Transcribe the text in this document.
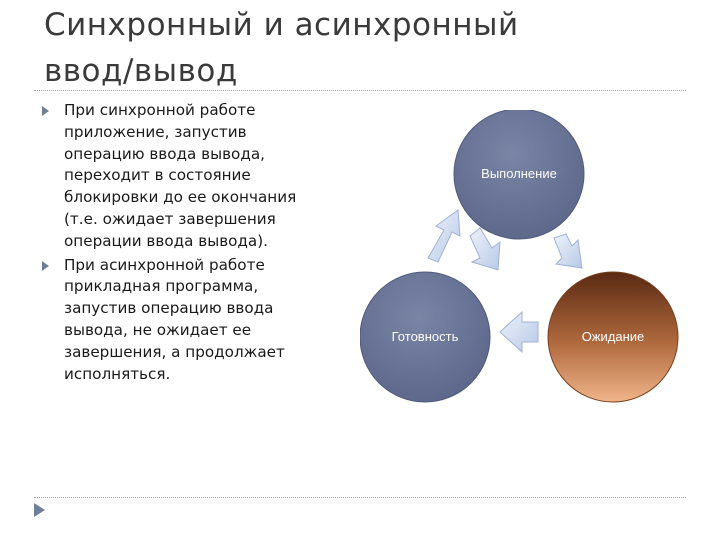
Синхронный и асинхронный
ввод/вывод
При синхронной работе приложение, запустив операцию ввода вывода, переходит в состояние блокировки до ее окончания (т.е. ожидает завершения операции ввода вывода).
При асинхронной работе прикладная программа, запустив операцию ввода вывода, не ожидает ее завершения, а продолжает исполняться.
Выполнение
Готовность	Ожидание
